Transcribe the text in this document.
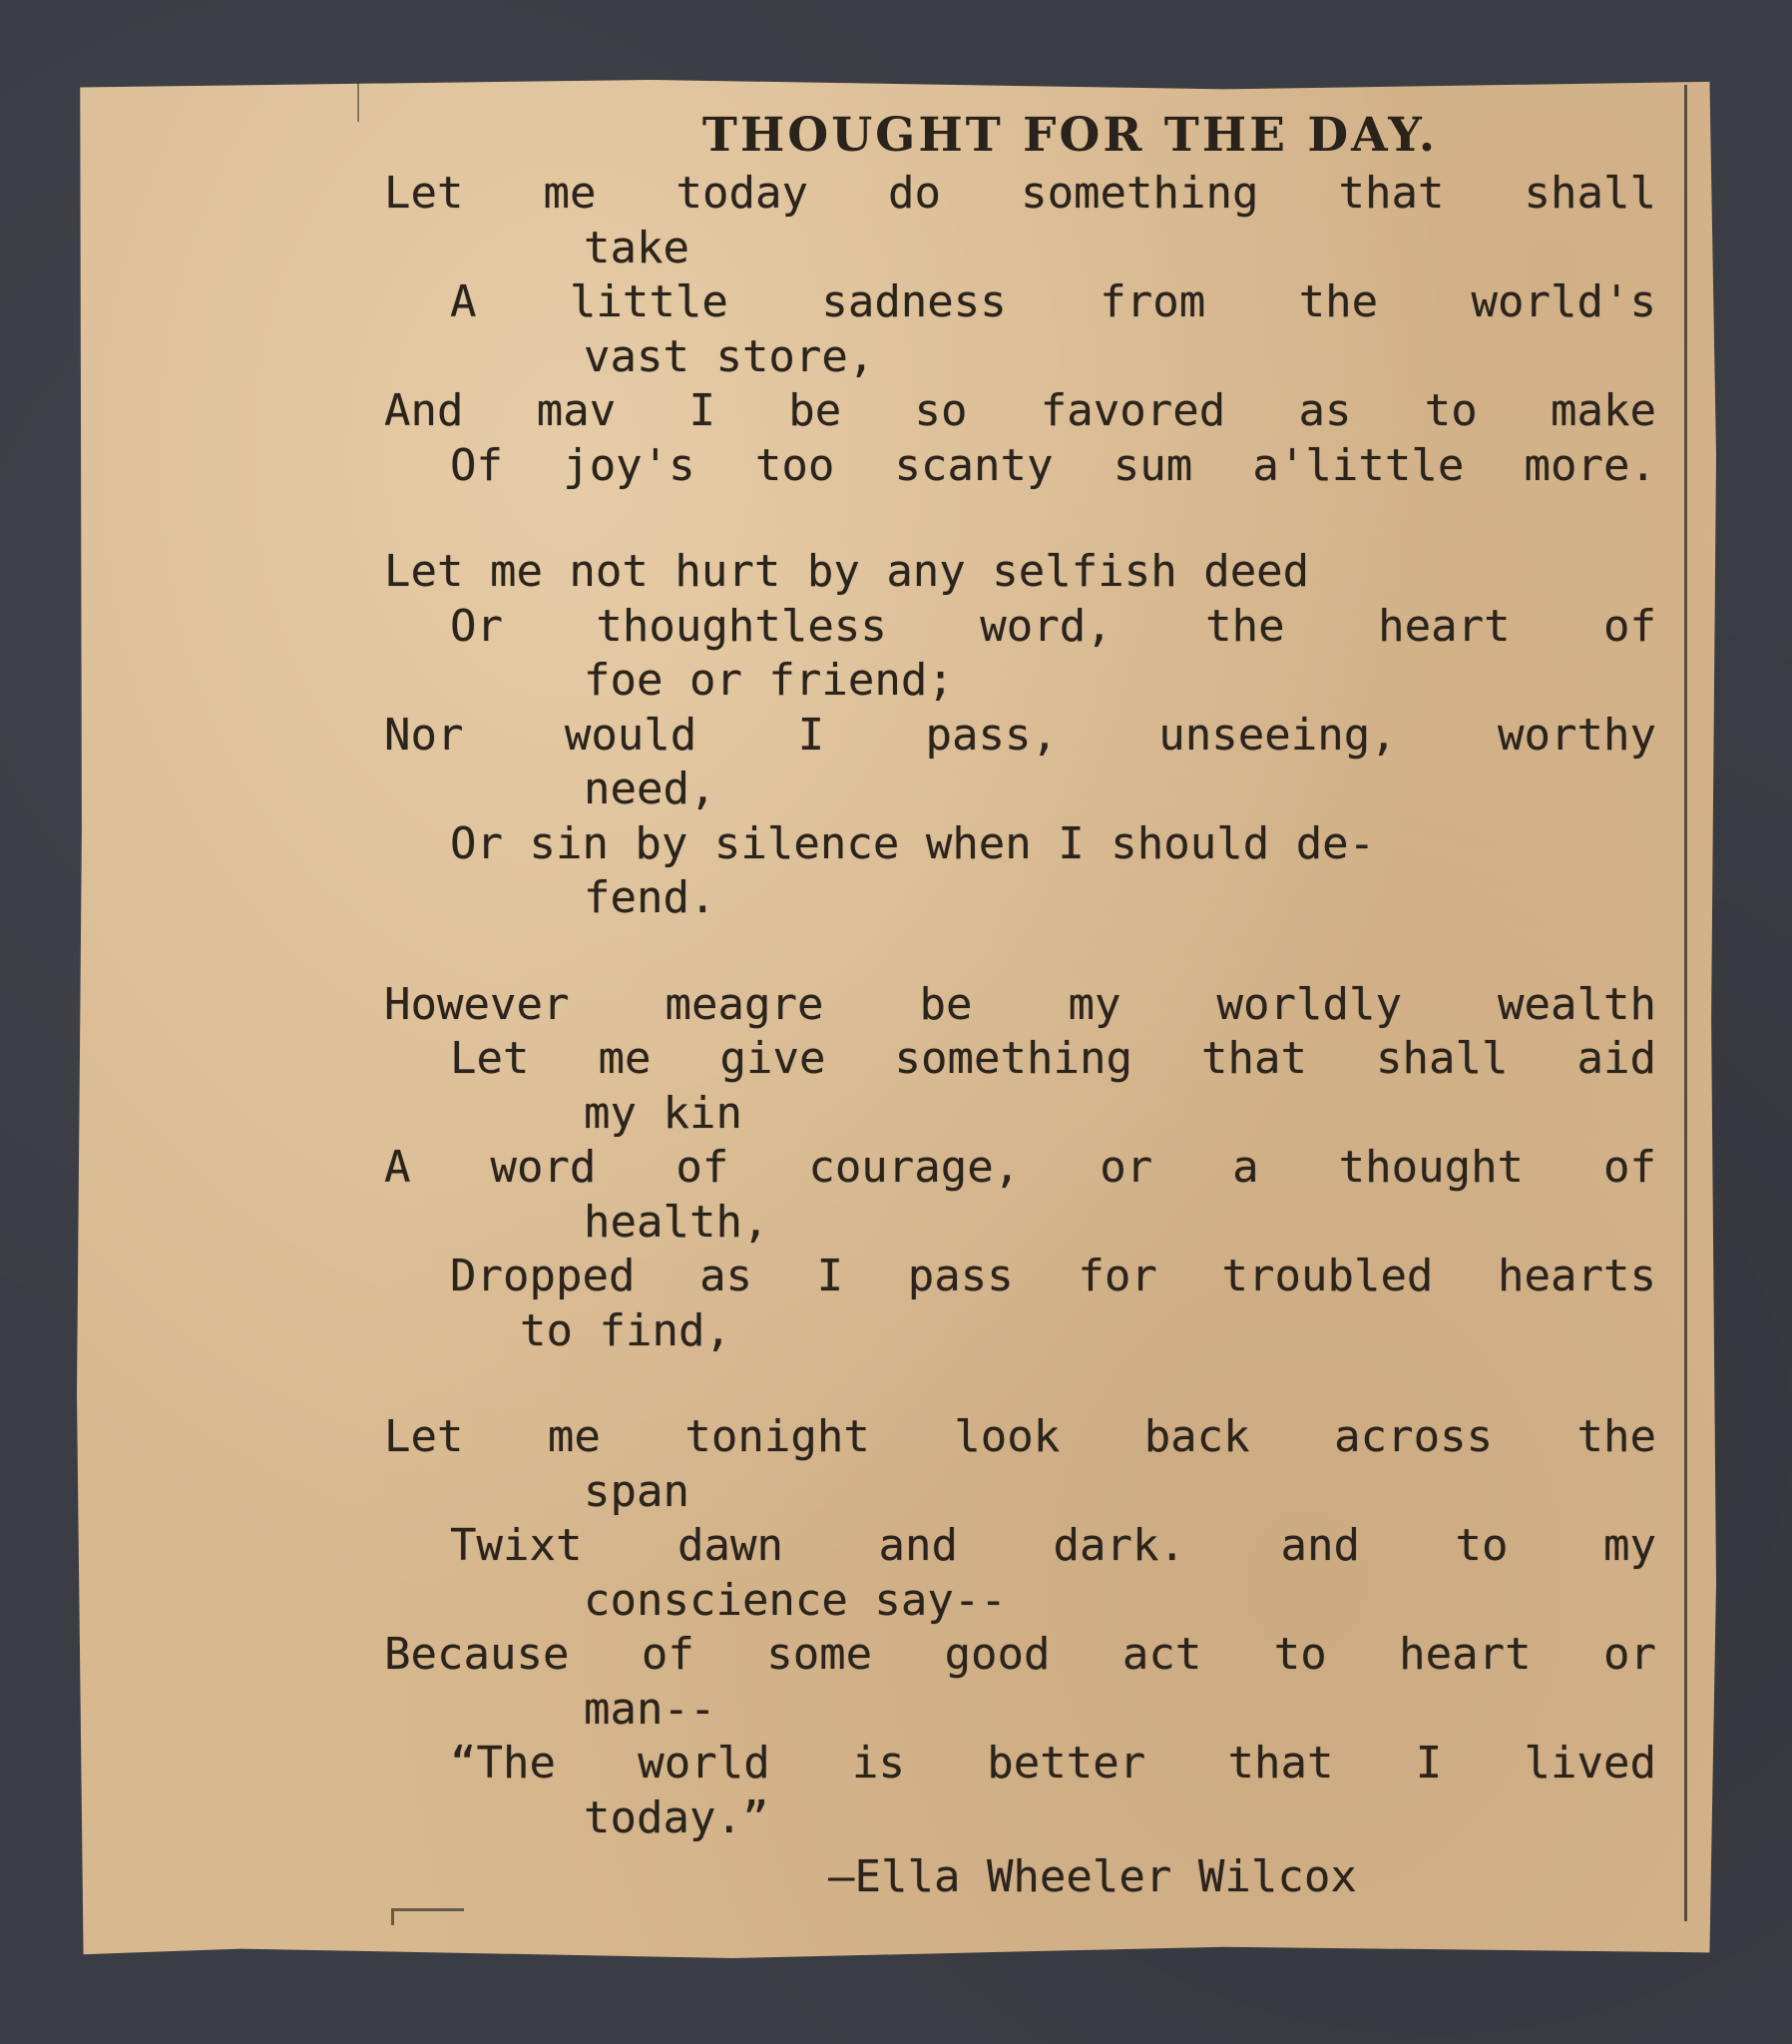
THOUGHT FOR THE DAY.
Let me today do something that shall
take
A little sadness from the world's
vast store,
And mav I be so favored as to make
Of joy's too scanty sum a'little more.
Let me not hurt by any selfish deed
Or thoughtless word, the heart of
foe or friend;
Nor would I pass, unseeing, worthy
need,
Or sin by silence when I should de-
fend.
However meagre be my worldly wealth
Let me give something that shall aid
my kin
A word of courage, or a thought of
health,
Dropped as I pass for troubled hearts
to find,
Let me tonight look back across the
span
Twixt dawn and dark. and to my
conscience say--
Because of some good act to heart or
man--
“The world is better that I lived
today.”
—Ella Wheeler Wilcox
